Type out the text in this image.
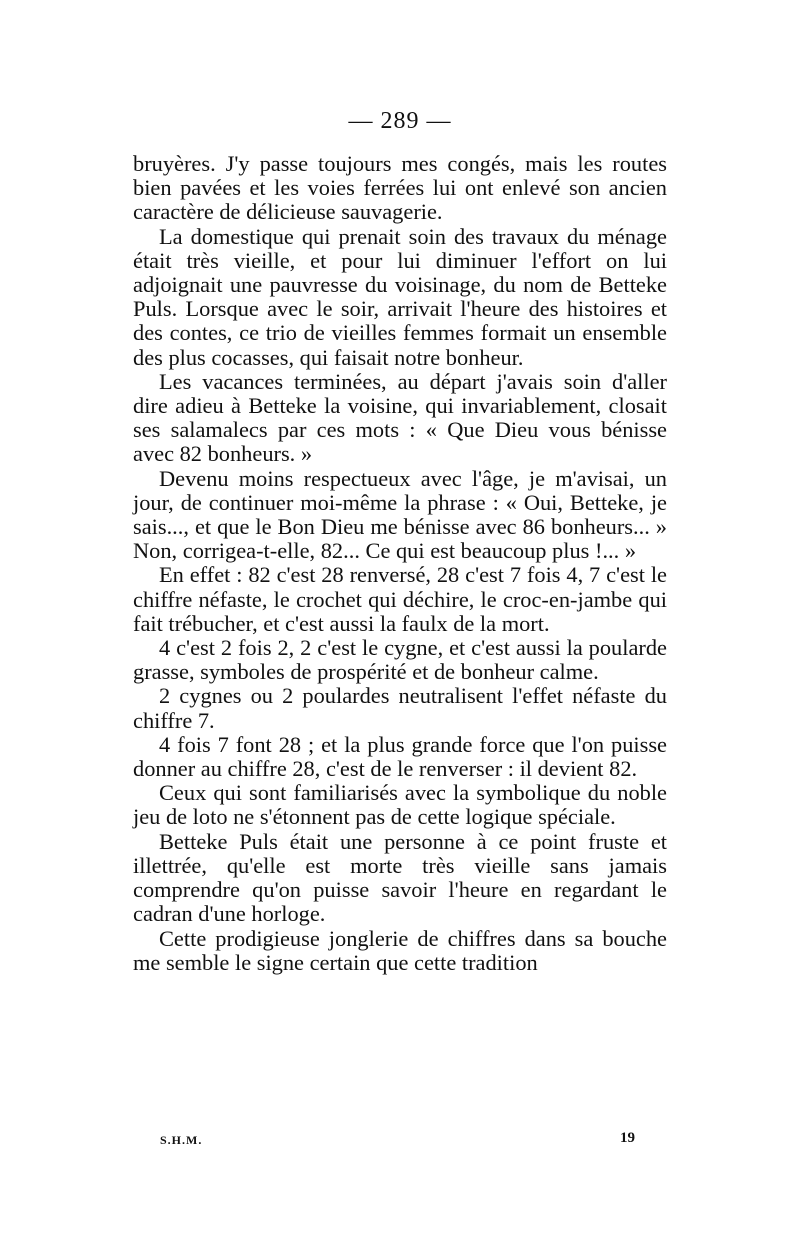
— 289 —

bruyères. J'y passe toujours mes congés, mais les routes bien pavées et les voies ferrées lui ont enlevé son ancien caractère de délicieuse sauvagerie.

La domestique qui prenait soin des travaux du ménage était très vieille, et pour lui diminuer l'effort on lui adjoignait une pauvresse du voisinage, du nom de Betteke Puls. Lorsque avec le soir, arrivait l'heure des histoires et des contes, ce trio de vieilles femmes formait un ensemble des plus cocasses, qui faisait notre bonheur.

Les vacances terminées, au départ j'avais soin d'aller dire adieu à Betteke la voisine, qui invariablement, closait ses salamalecs par ces mots : « Que Dieu vous bénisse avec 82 bonheurs. »

Devenu moins respectueux avec l'âge, je m'avisai, un jour, de continuer moi-même la phrase : « Oui, Betteke, je sais..., et que le Bon Dieu me bénisse avec 86 bonheurs... » Non, corrigea-t-elle, 82... Ce qui est beaucoup plus !... »

En effet : 82 c'est 28 renversé, 28 c'est 7 fois 4, 7 c'est le chiffre néfaste, le crochet qui déchire, le croc-en-jambe qui fait trébucher, et c'est aussi la faulx de la mort.

4 c'est 2 fois 2, 2 c'est le cygne, et c'est aussi la poularde grasse, symboles de prospérité et de bonheur calme.

2 cygnes ou 2 poulardes neutralisent l'effet néfaste du chiffre 7.

4 fois 7 font 28 ; et la plus grande force que l'on puisse donner au chiffre 28, c'est de le renverser : il devient 82.

Ceux qui sont familiarisés avec la symbolique du noble jeu de loto ne s'étonnent pas de cette logique spéciale.

Betteke Puls était une personne à ce point fruste et illettrée, qu'elle est morte très vieille sans jamais comprendre qu'on puisse savoir l'heure en regardant le cadran d'une horloge.

Cette prodigieuse jonglerie de chiffres dans sa bouche me semble le signe certain que cette tradition

S.H.M.	19
